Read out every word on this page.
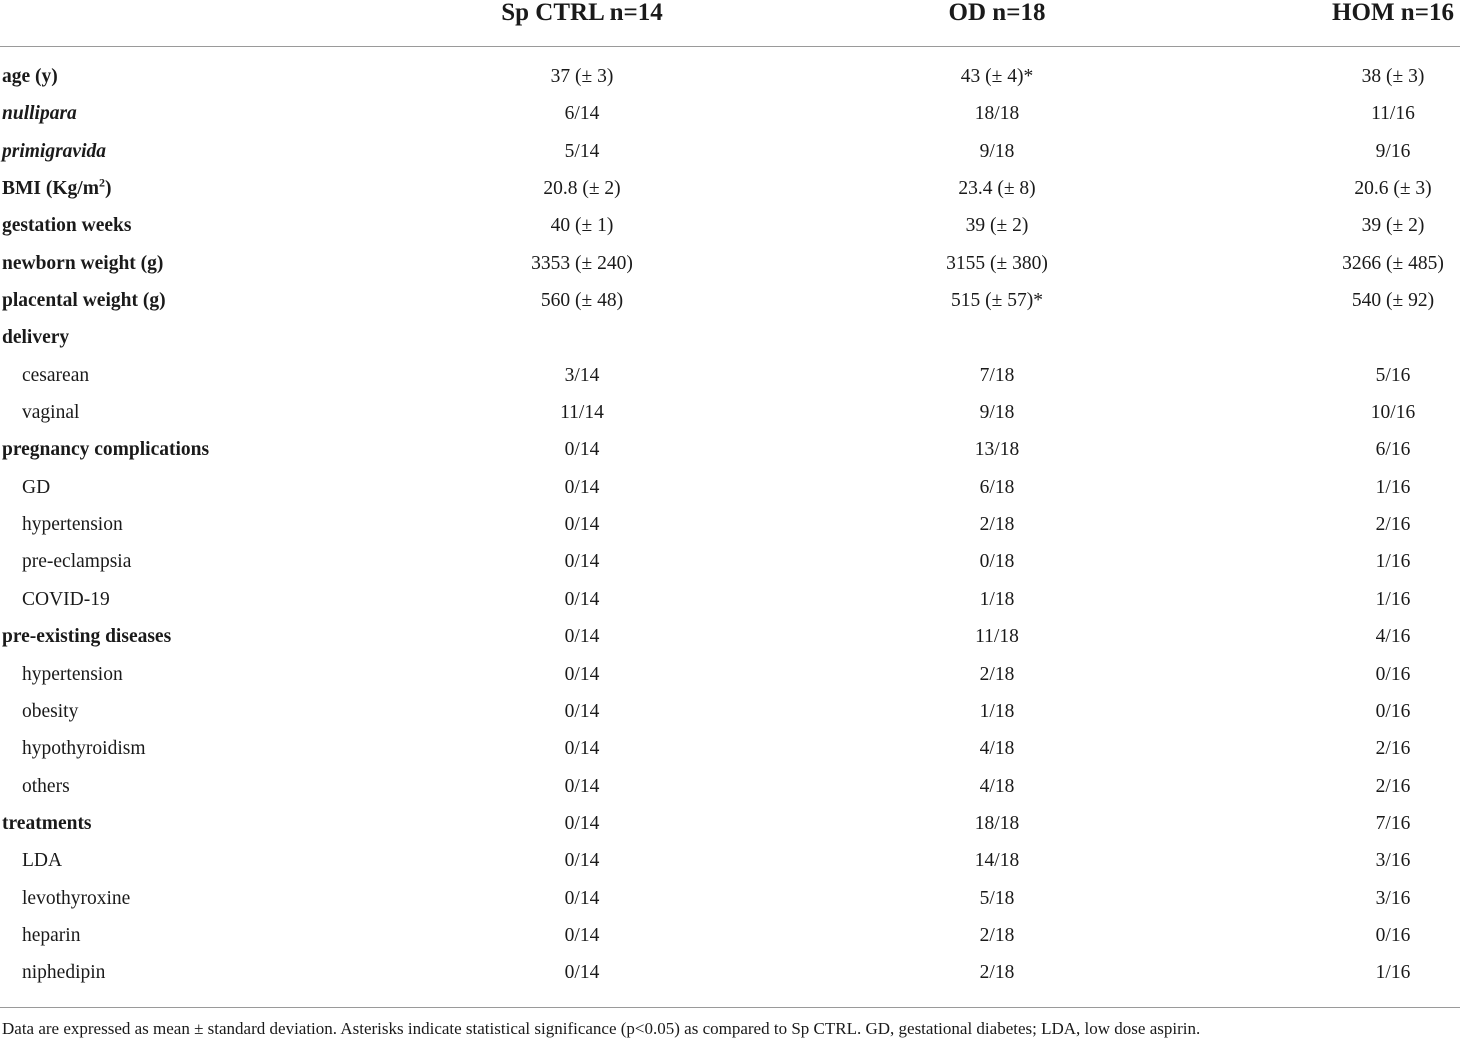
Sp CTRL n=14	OD n=18	HOM n=16
age (y)	37 (± 3)	43 (± 4)*	38 (± 3)
nullipara	6/14	18/18	11/16
primigravida	5/14	9/18	9/16
BMI $(Kg/m^2)$	20.8 (± 2)	23.4 (± 8)	20.6 (± 3)
gestation weeks	40 (± 1)	39 (± 2)	39 (± 2)
newborn weight (g)	3353 (± 240)	3155 (± 380)	3266 (± 485)
placental weight (g)	560 (± 48)	515 (± 57)*	540 (± 92)
delivery
cesarean	3/14	7/18	5/16
vaginal	11/14	9/18	10/16
pregnancy complications	0/14	13/18	6/16
GD	0/14	6/18	1/16
hypertension	0/14	2/18	2/16
pre-eclampsia	0/14	0/18	1/16
COVID-19	0/14	1/18	1/16
pre-existing diseases	0/14	11/18	4/16
hypertension	0/14	2/18	0/16
obesity	0/14	1/18	0/16
hypothyroidism	0/14	4/18	2/16
others	0/14	4/18	2/16
treatments	0/14	18/18	7/16
LDA	0/14	14/18	3/16
levothyroxine	0/14	5/18	3/16
heparin	0/14	2/18	0/16
niphedipin	0/14	2/18	1/16
Data are expressed as mean ± standard deviation. Asterisks indicate statistical significance (p<0.05) as compared to Sp CTRL. GD, gestational diabetes; LDA, low dose aspirin.
